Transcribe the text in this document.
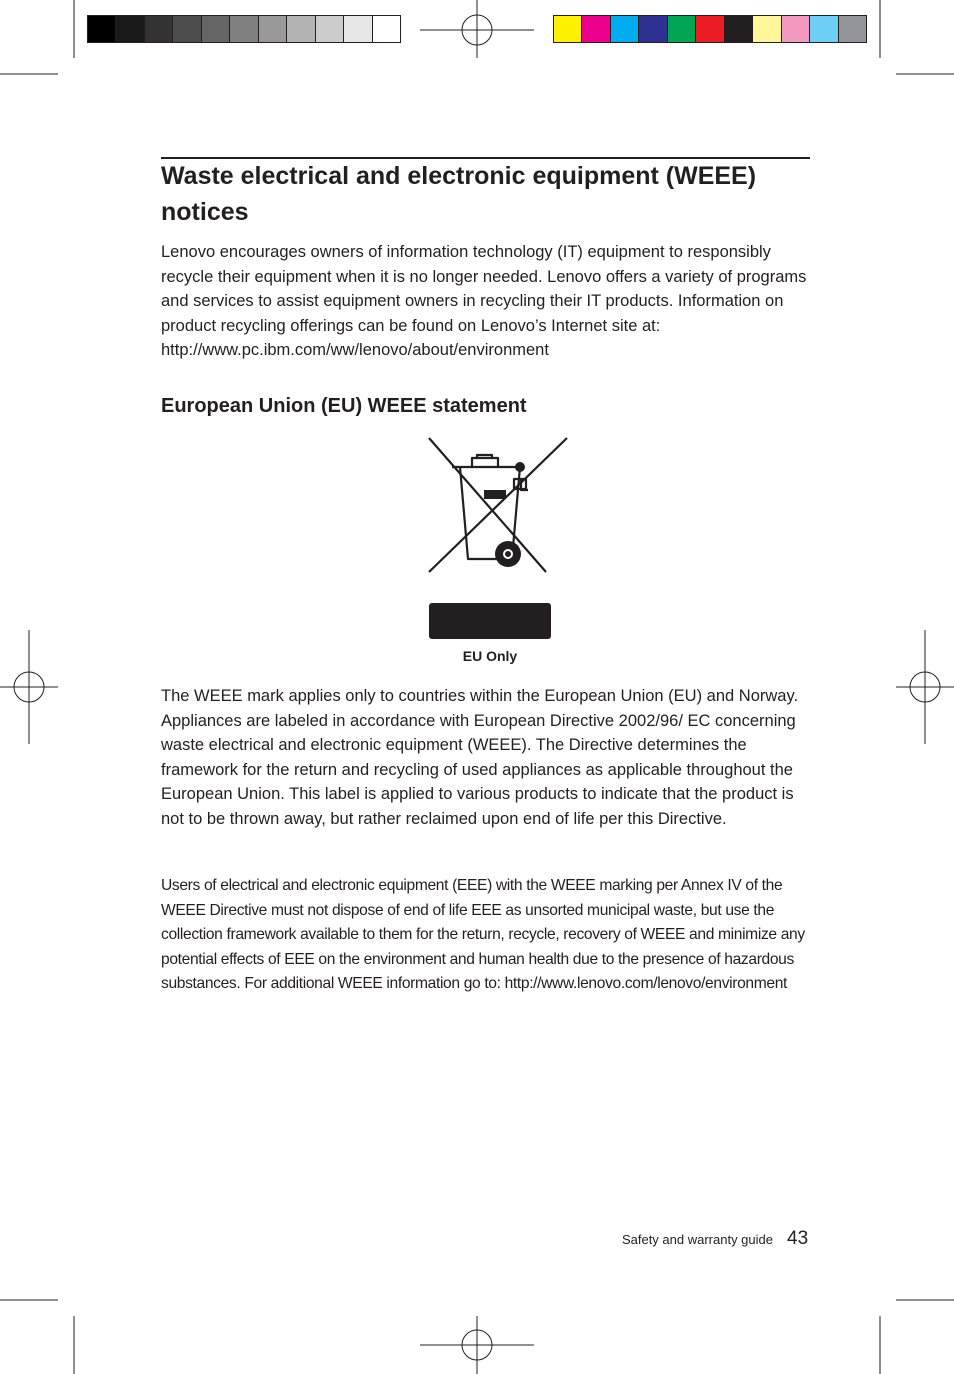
Waste electrical and electronic equipment (WEEE) notices

Lenovo encourages owners of information technology (IT) equipment to responsibly recycle their equipment when it is no longer needed. Lenovo offers a variety of programs and services to assist equipment owners in recycling their IT products. Information on product recycling offerings can be found on Lenovo’s Internet site at: http://www.pc.ibm.com/ww/lenovo/about/environment

European Union (EU) WEEE statement
EU Only

The WEEE mark applies only to countries within the European Union (EU) and Norway. Appliances are labeled in accordance with European Directive 2002/96/ EC concerning waste electrical and electronic equipment (WEEE). The Directive determines the framework for the return and recycling of used appliances as applicable throughout the European Union. This label is applied to various products to indicate that the product is not to be thrown away, but rather reclaimed upon end of life per this Directive.

Users of electrical and electronic equipment (EEE) with the WEEE marking per Annex IV of the WEEE Directive must not dispose of end of life EEE as unsorted municipal waste, but use the collection framework available to them for the return, recycle, recovery of WEEE and minimize any potential effects of EEE on the environment and human health due to the presence of hazardous substances. For additional WEEE information go to: http://www.lenovo.com/lenovo/environment

Safety and warranty guide 43
